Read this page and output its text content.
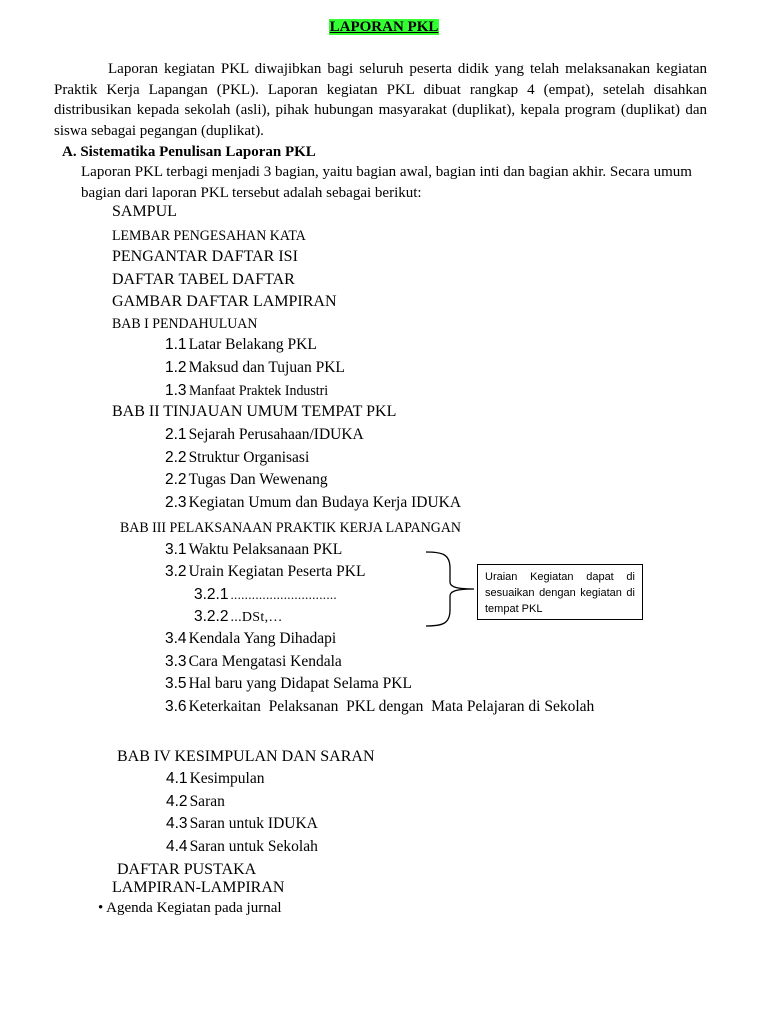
LAPORAN PKL
Laporan kegiatan PKL diwajibkan bagi seluruh peserta didik yang telah melaksanakan kegiatan Praktik Kerja Lapangan (PKL). Laporan kegiatan PKL dibuat rangkap 4 (empat), setelah disahkan distribusikan kepada sekolah (asli), pihak hubungan masyarakat (duplikat), kepala program (duplikat) dan siswa sebagai pegangan (duplikat).
A. Sistematika Penulisan Laporan PKL
Laporan PKL terbagi menjadi 3 bagian, yaitu bagian awal, bagian inti dan bagian akhir. Secara umum bagian dari laporan PKL tersebut adalah sebagai berikut:
SAMPUL
LEMBAR PENGESAHAN KATA
PENGANTAR DAFTAR ISI
DAFTAR TABEL DAFTAR
GAMBAR DAFTAR LAMPIRAN
BAB I PENDAHULUAN
1.1 Latar Belakang PKL
1.2 Maksud dan Tujuan PKL
1.3 Manfaat Praktek Industri
BAB II TINJAUAN UMUM TEMPAT PKL
2.1 Sejarah Perusahaan/IDUKA
2.2 Struktur Organisasi
2.2 Tugas Dan Wewenang
2.3 Kegiatan Umum dan Budaya Kerja IDUKA
BAB III PELAKSANAAN PRAKTIK KERJA LAPANGAN
3.1 Waktu Pelaksanaan PKL
3.2 Urain Kegiatan Peserta PKL
3.2.1 ..............................
3.2.2 ...DSt,…
3.4 Kendala Yang Dihadapi
3.3 Cara Mengatasi Kendala
3.5 Hal baru yang Didapat Selama PKL
3.6 Keterkaitan  Pelaksanan  PKL dengan  Mata Pelajaran di Sekolah
Uraian Kegiatan dapat di sesuaikan dengan kegiatan di tempat PKL
BAB IV KESIMPULAN DAN SARAN
4.1 Kesimpulan
4.2 Saran
4.3 Saran untuk IDUKA
4.4 Saran untuk Sekolah
DAFTAR PUSTAKA
LAMPIRAN-LAMPIRAN
• Agenda Kegiatan pada jurnal
